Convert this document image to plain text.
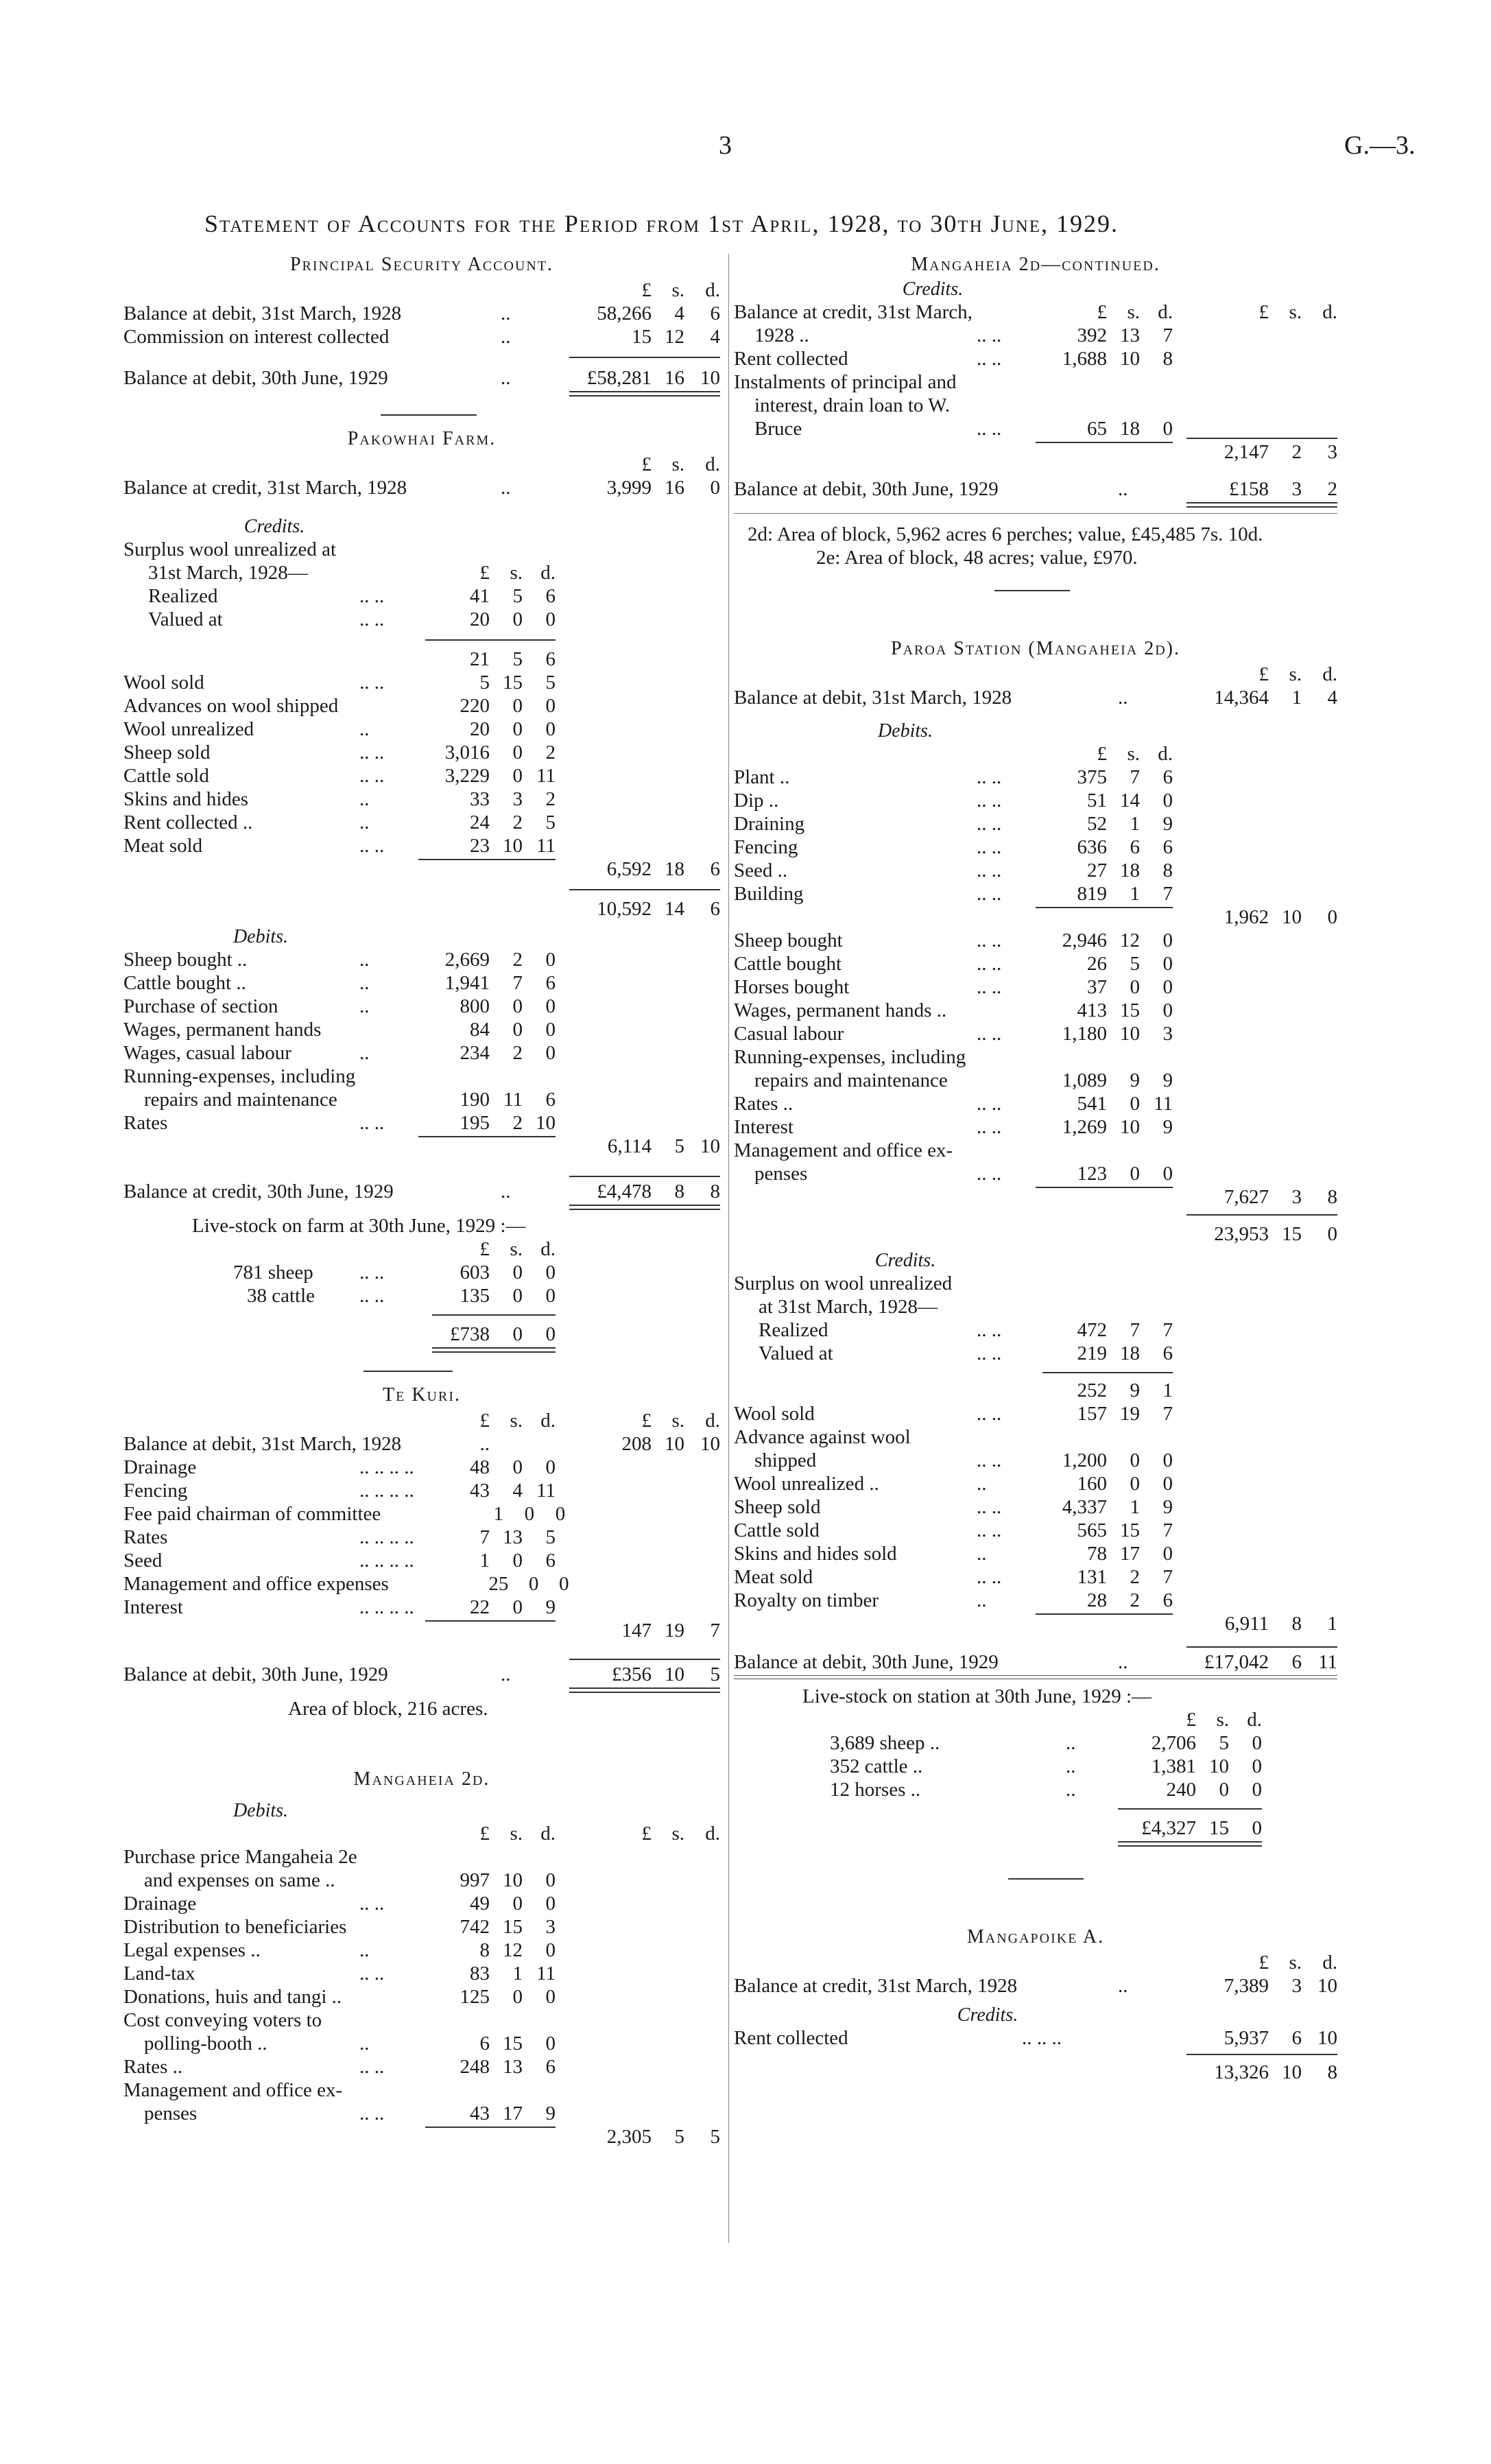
3	G.—3.
Statement of Accounts for the Period from 1st April, 1928, to 30th June, 1929.
Principal Security Account.
£	s.	d.
Balance at debit, 31st March, 1928	..	58,266	4	6
Commission on interest collected	..	15 12	4
Balance at debit, 30th June, 1929	..	£58,281 16 10
Pakowhai Farm.
£	s.	d.
Balance at credit, 31st March, 1928	..	3,999 16	0
Credits.
Surplus wool unrealized at
31st March, 1928—	£	s. d.
Realized	.. ..	41	5	6
Valued at	.. ..	20	0	0
21	5	6
Wool sold	.. ..	5 15	5
Advances on wool shipped	220	0	0
Wool unrealized	..	20	0	0
Sheep sold	.. ..	3,016	0	2
Cattle sold	.. ..	3,229	0 11
Skins and hides	..	33	3	2
Rent collected ..	..	24	2	5
Meat sold	.. ..	23 10 11
6,592 18	6
10,592 14	6
Debits.
Sheep bought ..	..	2,669	2	0
Cattle bought ..	..	1,941	7	6
Purchase of section	..	800	0	0
Wages, permanent hands	84	0	0
Wages, casual labour	..	234	2	0
Running-expenses, including
repairs and maintenance	190 11	6
Rates	.. ..	195	2 10
6,114	5 10
Balance at credit, 30th June, 1929	..	£4,478	8	8
Live-stock on farm at 30th June, 1929 :—
£	s. d.
781 sheep	.. ..	603	0	0
38 cattle	.. ..	135	0	0
£738	0	0
Te Kuri.
£	s. d.	£	s.	d.
Balance at debit, 31st March, 1928	..	208 10 10
Drainage	.. .. .. ..	48	0	0
Fencing	.. .. .. ..	43	4 11
Fee paid chairman of committee	1	0	0
Rates	.. .. .. ..	7 13	5
Seed	.. .. .. ..	1	0	6
Management and office expenses	25	0	0
Interest	.. .. .. ..	22	0	9
147 19	7
Balance at debit, 30th June, 1929	..	£356 10	5
Area of block, 216 acres.
Mangaheia 2d.
Debits.
£	s. d.	£	s.	d.
Purchase price Mangaheia 2e
and expenses on same ..	997 10	0
Drainage	.. ..	49	0	0
Distribution to beneficiaries	742 15	3
Legal expenses ..	..	8 12	0
Land-tax	.. ..	83	1 11
Donations, huis and tangi ..	125	0	0
Cost conveying voters to
polling-booth ..	..	6 15	0
Rates ..	.. ..	248 13	6
Management and office ex-
penses	.. ..	43 17	9
2,305	5	5
Mangaheia 2d—continued.
Credits.
Balance at credit, 31st March,	£	s. d.	£	s.	d.
1928 ..	.. ..	392 13	7
Rent collected	.. ..	1,688 10	8
Instalments of principal and
interest, drain loan to W.
Bruce	.. ..	65 18	0
2,147	2	3
Balance at debit, 30th June, 1929	..	£158	3	2
2d: Area of block, 5,962 acres 6 perches; value, £45,485 7s. 10d.
2e: Area of block, 48 acres; value, £970.
Paroa Station (Mangaheia 2d).
£	s.	d.
Balance at debit, 31st March, 1928	..	14,364	1	4
Debits.
£	s. d.
Plant ..	.. ..	375	7	6
Dip ..	.. ..	51 14	0
Draining	.. ..	52	1	9
Fencing	.. ..	636	6	6
Seed ..	.. ..	27 18	8
Building	.. ..	819	1	7
1,962 10	0
Sheep bought	.. ..	2,946 12	0
Cattle bought	.. ..	26	5	0
Horses bought	.. ..	37	0	0
Wages, permanent hands ..	413 15	0
Casual labour	.. ..	1,180 10	3
Running-expenses, including
repairs and maintenance	1,089	9	9
Rates ..	.. ..	541	0 11
Interest	.. ..	1,269 10	9
Management and office ex-
penses	.. ..	123	0	0
7,627	3	8
23,953 15	0
Credits.
Surplus on wool unrealized
at 31st March, 1928—
Realized	.. ..	472	7	7
Valued at	.. ..	219 18	6
252	9	1
Wool sold	.. ..	157 19	7
Advance against wool
shipped	.. ..	1,200	0	0
Wool unrealized ..	..	160	0	0
Sheep sold	.. ..	4,337	1	9
Cattle sold	.. ..	565 15	7
Skins and hides sold	..	78 17	0
Meat sold	.. ..	131	2	7
Royalty on timber	..	28	2	6
6,911	8	1
Balance at debit, 30th June, 1929	..	£17,042	6 11
Live-stock on station at 30th June, 1929 :—
£	s. d.
3,689 sheep ..	..	2,706	5	0
352 cattle ..	..	1,381 10	0
12 horses ..	..	240	0	0
£4,327 15	0
Mangapoike A.
£	s.	d.
Balance at credit, 31st March, 1928	..	7,389	3 10
Credits.
Rent collected	.. .. ..	5,937	6 10
13,326 10	8
